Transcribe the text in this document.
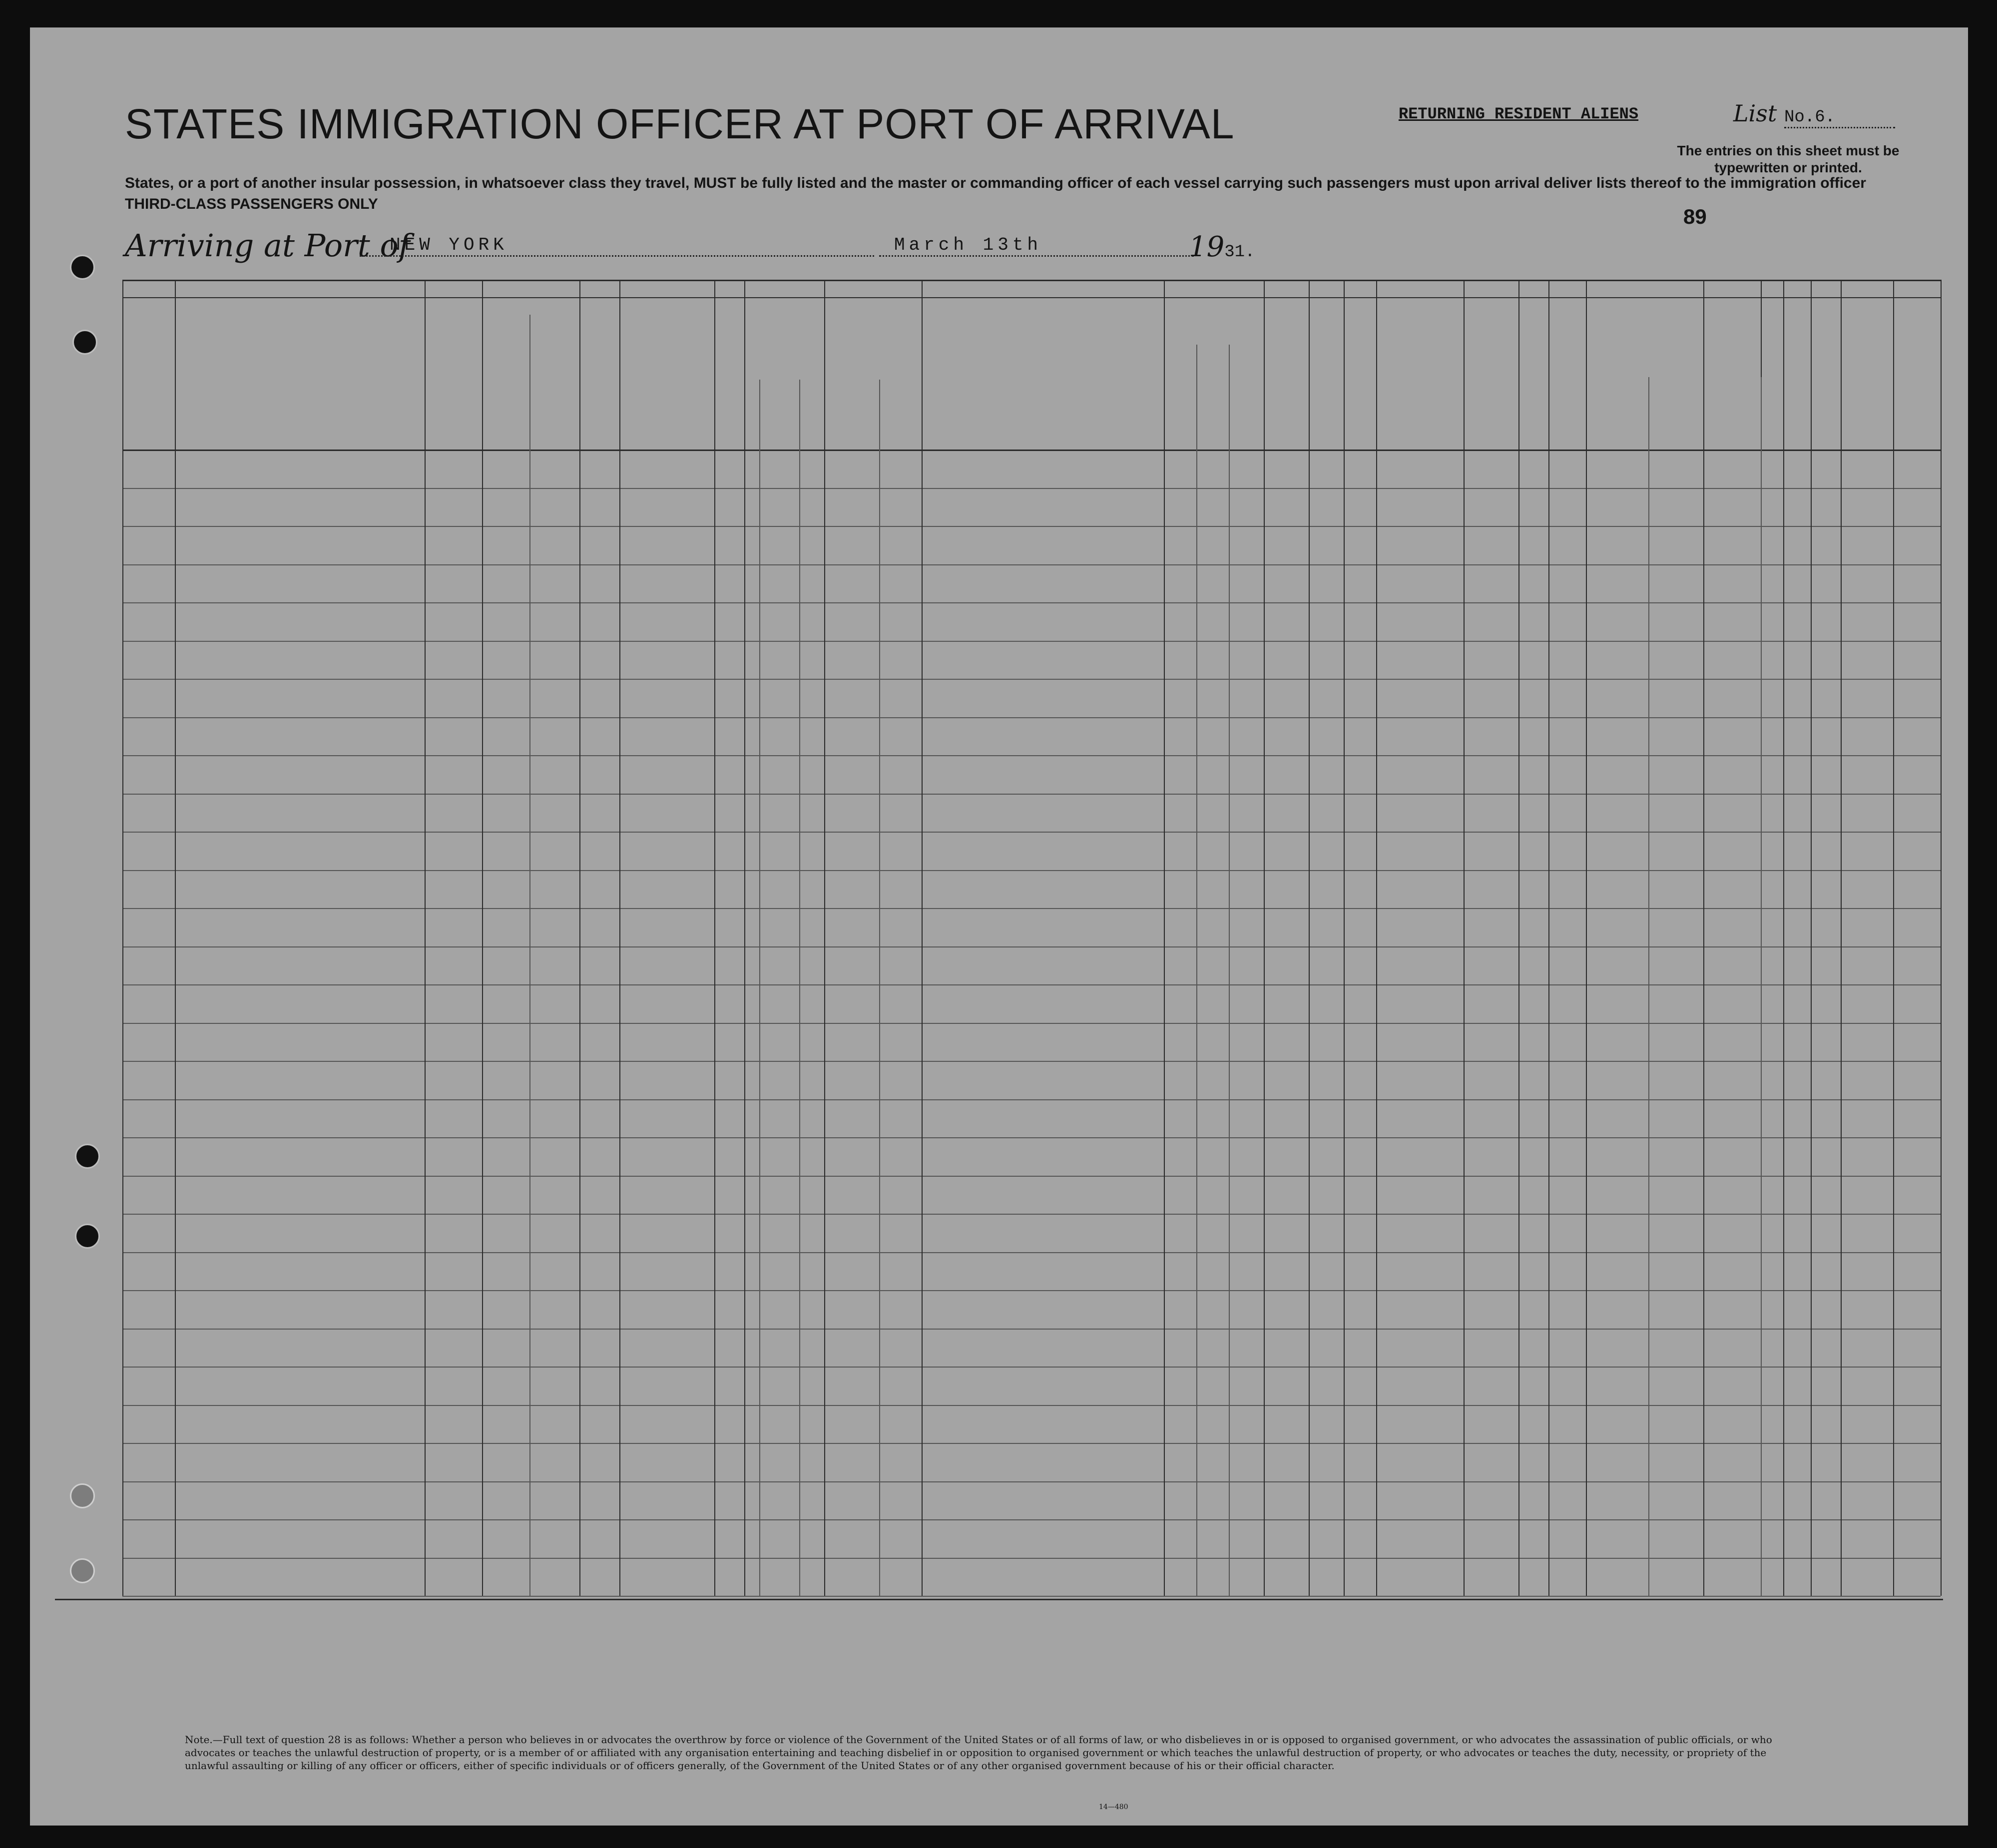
STATES IMMIGRATION OFFICER AT PORT OF ARRIVAL
States, or a port of another insular possession, in whatsoever class they travel, MUST be fully listed and the master or commanding officer of each vessel carrying such passengers must upon arrival deliver lists thereof to the immigration officer
THIRD-CLASS PASSENGERS ONLY
RETURNING RESIDENT ALIENS	List No.6.
The entries on this sheet must be typewritten or printed.
89
Arriving at Port of
NEW YORK	March 13th	1931.
Note.—Full text of question 28 is as follows: Whether a person who believes in or advocates the overthrow by force or violence of the Government of the United States or of all forms of law, or who disbelieves in or is opposed to organised government, or who advocates the assassination of public officials, or who advocates or teaches the unlawful destruction of property, or is a member of or affiliated with any organisation entertaining and teaching disbelief in or opposition to organised government or which teaches the unlawful destruction of property, or who advocates or teaches the duty, necessity, or propriety of the unlawful assaulting or killing of any officer or officers, either of specific individuals or of officers generally, of the Government of the United States or of any other organised government because of his or their official character.
14—480
